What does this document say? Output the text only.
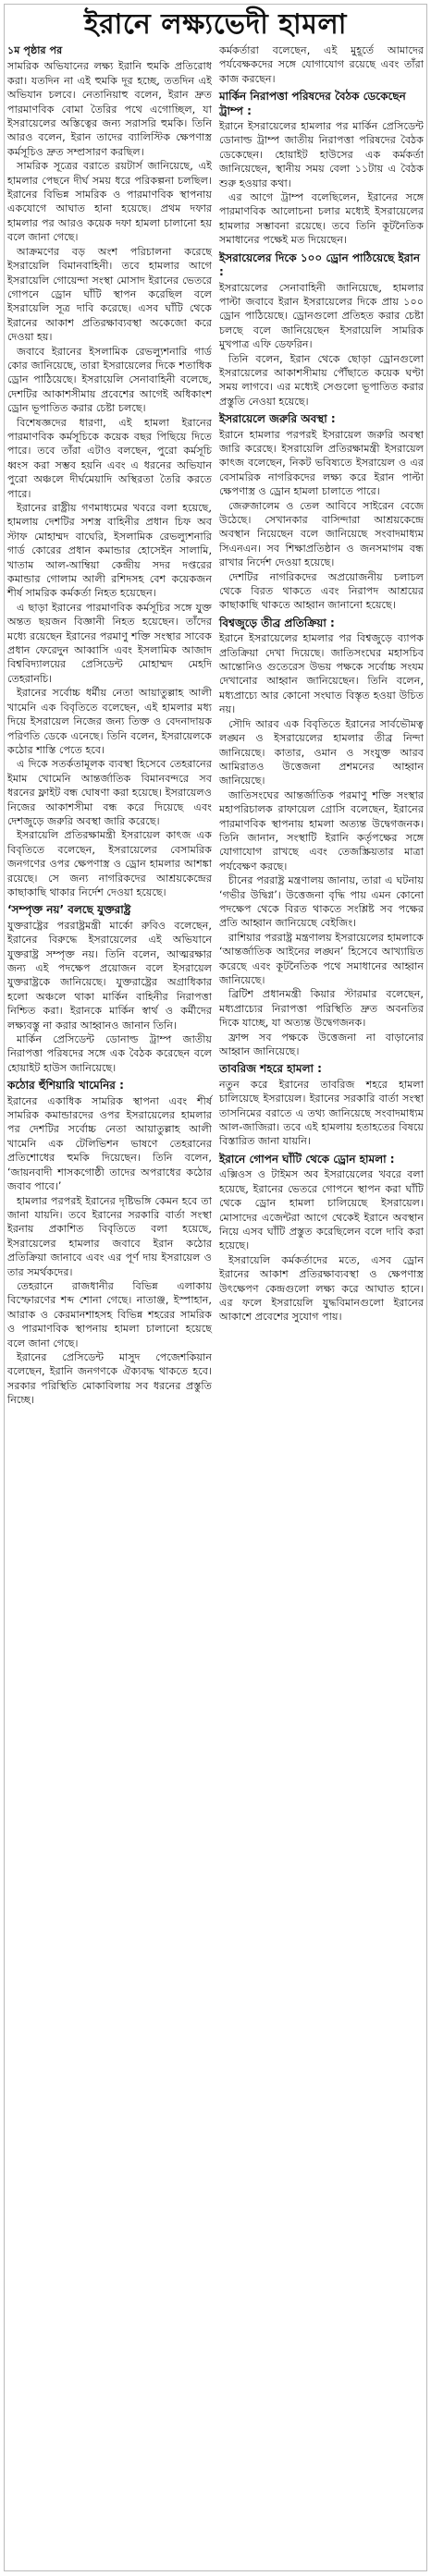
ইরানে লক্ষ্যভেদী হামলা
১ম পৃষ্ঠার পর

সামরিক অভিযানের লক্ষ্য ইরানি হুমকি প্রতিরোধ করা। যতদিন না এই হুমকি দূর হচ্ছে, ততদিন এই অভিযান চলবে। নেতানিয়াহু বলেন, ইরান দ্রুত পারমাণবিক বোমা তৈরির পথে এগোচ্ছিল, যা ইসরায়েলের অস্তিত্বের জন্য সরাসরি হুমকি। তিনি আরও বলেন, ইরান তাদের ব্যালিস্টিক ক্ষেপণাস্ত্র কর্মসূচিও দ্রুত সম্প্রসারণ করছিল।

সামরিক সূত্রের বরাতে রয়টার্স জানিয়েছে, এই হামলার পেছনে দীর্ঘ সময় ধরে পরিকল্পনা চলছিল। ইরানের বিভিন্ন সামরিক ও পারমাণবিক স্থাপনায় একযোগে আঘাত হানা হয়েছে। প্রথম দফার হামলার পর আরও কয়েক দফা হামলা চালানো হয় বলে জানা গেছে।

আক্রমণের বড় অংশ পরিচালনা করেছে ইসরায়েলি বিমানবাহিনী। তবে হামলার আগে ইসরায়েলি গোয়েন্দা সংস্থা মোসাদ ইরানের ভেতরে গোপনে ড্রোন ঘাঁটি স্থাপন করেছিল বলে ইসরায়েলি সূত্র দাবি করেছে। এসব ঘাঁটি থেকে ইরানের আকাশ প্রতিরক্ষাব্যবস্থা অকেজো করে দেওয়া হয়।

জবাবে ইরানের ইসলামিক রেভল্যুশনারি গার্ড কোর জানিয়েছে, তারা ইসরায়েলের দিকে শতাধিক ড্রোন পাঠিয়েছে। ইসরায়েলি সেনাবাহিনী বলেছে, দেশটির আকাশসীমায় প্রবেশের আগেই অধিকাংশ ড্রোন ভূপাতিত করার চেষ্টা চলছে।

বিশেষজ্ঞদের ধারণা, এই হামলা ইরানের পারমাণবিক কর্মসূচিকে কয়েক বছর পিছিয়ে দিতে পারে। তবে তাঁরা এটাও বলছেন, পুরো কর্মসূচি ধ্বংস করা সম্ভব হয়নি এবং এ ধরনের অভিযান পুরো অঞ্চলে দীর্ঘমেয়াদি অস্থিরতা তৈরি করতে পারে।

ইরানের রাষ্ট্রীয় গণমাধ্যমের খবরে বলা হয়েছে, হামলায় দেশটির সশস্ত্র বাহিনীর প্রধান চিফ অব স্টাফ মোহাম্মদ বাঘেরি, ইসলামিক রেভল্যুশনারি গার্ড কোরের প্রধান কমান্ডার হোসেইন সালামি, খাতাম আল-আম্বিয়া কেন্দ্রীয় সদর দপ্তরের কমান্ডার গোলাম আলী রশিদসহ বেশ কয়েকজন শীর্ষ সামরিক কর্মকর্তা নিহত হয়েছেন।

এ ছাড়া ইরানের পারমাণবিক কর্মসূচির সঙ্গে যুক্ত অন্তত ছয়জন বিজ্ঞানী নিহত হয়েছেন। তাঁদের মধ্যে রয়েছেন ইরানের পরমাণু শক্তি সংস্থার সাবেক প্রধান ফেরেদুন আব্বাসি এবং ইসলামিক আজাদ বিশ্ববিদ্যালয়ের প্রেসিডেন্ট মোহাম্মদ মেহদি তেহরানচি।

ইরানের সর্বোচ্চ ধর্মীয় নেতা আয়াতুল্লাহ আলী খামেনি এক বিবৃতিতে বলেছেন, এই হামলার মধ্য দিয়ে ইসরায়েল নিজের জন্য তিক্ত ও বেদনাদায়ক পরিণতি ডেকে এনেছে। তিনি বলেন, ইসরায়েলকে কঠোর শাস্তি পেতে হবে।

এ দিকে সতর্কতামূলক ব্যবস্থা হিসেবে তেহরানের ইমাম খোমেনি আন্তর্জাতিক বিমানবন্দরে সব ধরনের ফ্লাইট বন্ধ ঘোষণা করা হয়েছে। ইসরায়েলও নিজের আকাশসীমা বন্ধ করে দিয়েছে এবং দেশজুড়ে জরুরি অবস্থা জারি করেছে।

ইসরায়েলি প্রতিরক্ষামন্ত্রী ইসরায়েল কাৎজ এক বিবৃতিতে বলেছেন, ইসরায়েলের বেসামরিক জনগণের ওপর ক্ষেপণাস্ত্র ও ড্রোন হামলার আশঙ্কা রয়েছে। সে জন্য নাগরিকদের আশ্রয়কেন্দ্রের কাছাকাছি থাকার নির্দেশ দেওয়া হয়েছে।

‘সম্পৃক্ত নয়’ বলছে যুক্তরাষ্ট্র

যুক্তরাষ্ট্রের পররাষ্ট্রমন্ত্রী মার্কো রুবিও বলেছেন, ইরানের বিরুদ্ধে ইসরায়েলের এই অভিযানে যুক্তরাষ্ট্র সম্পৃক্ত নয়। তিনি বলেন, আত্মরক্ষার জন্য এই পদক্ষেপ প্রয়োজন বলে ইসরায়েল যুক্তরাষ্ট্রকে জানিয়েছে। যুক্তরাষ্ট্রের অগ্রাধিকার হলো অঞ্চলে থাকা মার্কিন বাহিনীর নিরাপত্তা নিশ্চিত করা। ইরানকে মার্কিন স্বার্থ ও কর্মীদের লক্ষ্যবস্তু না করার আহ্বানও জানান তিনি।

মার্কিন প্রেসিডেন্ট ডোনাল্ড ট্রাম্প জাতীয় নিরাপত্তা পরিষদের সঙ্গে এক বৈঠক করেছেন বলে হোয়াইট হাউস জানিয়েছে।

কঠোর হুঁশিয়ারি খামেনির :

ইরানের একাধিক সামরিক স্থাপনা এবং শীর্ষ সামরিক কমান্ডারদের ওপর ইসরায়েলের হামলার পর দেশটির সর্বোচ্চ নেতা আয়াতুল্লাহ আলী খামেনি এক টেলিভিশন ভাষণে তেহরানের প্রতিশোধের হুমকি দিয়েছেন। তিনি বলেন, ‘জায়নবাদী শাসকগোষ্ঠী তাদের অপরাধের কঠোর জবাব পাবে।’

হামলার পরপরই ইরানের দৃষ্টিভঙ্গি কেমন হবে তা জানা যায়নি। তবে ইরানের সরকারি বার্তা সংস্থা ইরনায় প্রকাশিত বিবৃতিতে বলা হয়েছে, ইসরায়েলের হামলার জবাবে ইরান কঠোর প্রতিক্রিয়া জানাবে এবং এর পূর্ণ দায় ইসরায়েল ও তার সমর্থকদের।

তেহরানে রাজধানীর বিভিন্ন এলাকায় বিস্ফোরণের শব্দ শোনা গেছে। নাতাঞ্জ, ইস্পাহান, আরাক ও কেরমানশাহসহ বিভিন্ন শহরের সামরিক ও পারমাণবিক স্থাপনায় হামলা চালানো হয়েছে বলে জানা গেছে।

ইরানের প্রেসিডেন্ট মাসুদ পেজেশকিয়ান বলেছেন, ইরানি জনগণকে ঐক্যবদ্ধ থাকতে হবে। সরকার পরিস্থিতি মোকাবিলায় সব ধরনের প্রস্তুতি নিচ্ছে।

কর্মকর্তারা বলেছেন, এই মুহূর্তে আমাদের পর্যবেক্ষকদের সঙ্গে যোগাযোগ রয়েছে এবং তাঁরা কাজ করছেন।

মার্কিন নিরাপত্তা পরিষদের বৈঠক ডেকেছেন ট্রাম্প :

ইরানে ইসরায়েলের হামলার পর মার্কিন প্রেসিডেন্ট ডোনাল্ড ট্রাম্প জাতীয় নিরাপত্তা পরিষদের বৈঠক ডেকেছেন। হোয়াইট হাউসের এক কর্মকর্তা জানিয়েছেন, স্থানীয় সময় বেলা ১১টায় এ বৈঠক শুরু হওয়ার কথা।

এর আগে ট্রাম্প বলেছিলেন, ইরানের সঙ্গে পারমাণবিক আলোচনা চলার মধ্যেই ইসরায়েলের হামলার সম্ভাবনা রয়েছে। তবে তিনি কূটনৈতিক সমাধানের পক্ষেই মত দিয়েছেন।

ইসরায়েলের দিকে ১০০ ড্রোন পাঠিয়েছে ইরান :

ইসরায়েলের সেনাবাহিনী জানিয়েছে, হামলার পাল্টা জবাবে ইরান ইসরায়েলের দিকে প্রায় ১০০ ড্রোন পাঠিয়েছে। ড্রোনগুলো প্রতিহত করার চেষ্টা চলছে বলে জানিয়েছেন ইসরায়েলি সামরিক মুখপাত্র এফি ডেফরিন।

তিনি বলেন, ইরান থেকে ছোড়া ড্রোনগুলো ইসরায়েলের আকাশসীমায় পৌঁছাতে কয়েক ঘণ্টা সময় লাগবে। এর মধ্যেই সেগুলো ভূপাতিত করার প্রস্তুতি নেওয়া হয়েছে।

ইসরায়েলে জরুরি অবস্থা :

ইরানে হামলার পরপরই ইসরায়েল জরুরি অবস্থা জারি করেছে। ইসরায়েলি প্রতিরক্ষামন্ত্রী ইসরায়েল কাৎজ বলেছেন, নিকট ভবিষ্যতে ইসরায়েল ও এর বেসামরিক নাগরিকদের লক্ষ্য করে ইরান পাল্টা ক্ষেপণাস্ত্র ও ড্রোন হামলা চালাতে পারে।

জেরুজালেম ও তেল আবিবে সাইরেন বেজে উঠেছে। সেখানকার বাসিন্দারা আশ্রয়কেন্দ্রে অবস্থান নিয়েছেন বলে জানিয়েছে সংবাদমাধ্যম সিএনএন। সব শিক্ষাপ্রতিষ্ঠান ও জনসমাগম বন্ধ রাখার নির্দেশ দেওয়া হয়েছে।

দেশটির নাগরিকদের অপ্রয়োজনীয় চলাচল থেকে বিরত থাকতে এবং নিরাপদ আশ্রয়ের কাছাকাছি থাকতে আহ্বান জানানো হয়েছে।

বিশ্বজুড়ে তীব্র প্রতিক্রিয়া :

ইরানে ইসরায়েলের হামলার পর বিশ্বজুড়ে ব্যাপক প্রতিক্রিয়া দেখা দিয়েছে। জাতিসংঘের মহাসচিব আন্তোনিও গুতেরেস উভয় পক্ষকে সর্বোচ্চ সংযম দেখানোর আহ্বান জানিয়েছেন। তিনি বলেন, মধ্যপ্রাচ্যে আর কোনো সংঘাত বিস্তৃত হওয়া উচিত নয়।

সৌদি আরব এক বিবৃতিতে ইরানের সার্বভৌমত্ব লঙ্ঘন ও ইসরায়েলের হামলার তীব্র নিন্দা জানিয়েছে। কাতার, ওমান ও সংযুক্ত আরব আমিরাতও উত্তেজনা প্রশমনের আহ্বান জানিয়েছে।

জাতিসংঘের আন্তর্জাতিক পরমাণু শক্তি সংস্থার মহাপরিচালক রাফায়েল গ্রোসি বলেছেন, ইরানের পারমাণবিক স্থাপনায় হামলা অত্যন্ত উদ্বেগজনক। তিনি জানান, সংস্থাটি ইরানি কর্তৃপক্ষের সঙ্গে যোগাযোগ রাখছে এবং তেজস্ক্রিয়তার মাত্রা পর্যবেক্ষণ করছে।

চীনের পররাষ্ট্র মন্ত্রণালয় জানায়, তারা এ ঘটনায় ‘গভীর উদ্বিগ্ন’। উত্তেজনা বৃদ্ধি পায় এমন কোনো পদক্ষেপ থেকে বিরত থাকতে সংশ্লিষ্ট সব পক্ষের প্রতি আহ্বান জানিয়েছে বেইজিং।

রাশিয়ার পররাষ্ট্র মন্ত্রণালয় ইসরায়েলের হামলাকে ‘আন্তর্জাতিক আইনের লঙ্ঘন’ হিসেবে আখ্যায়িত করেছে এবং কূটনৈতিক পথে সমাধানের আহ্বান জানিয়েছে।

ব্রিটিশ প্রধানমন্ত্রী কিয়ার স্টারমার বলেছেন, মধ্যপ্রাচ্যের নিরাপত্তা পরিস্থিতি দ্রুত অবনতির দিকে যাচ্ছে, যা অত্যন্ত উদ্বেগজনক।

ফ্রান্স সব পক্ষকে উত্তেজনা না বাড়ানোর আহ্বান জানিয়েছে।

তাবরিজ শহরে হামলা :

নতুন করে ইরানের তাবরিজ শহরে হামলা চালিয়েছে ইসরায়েল। ইরানের সরকারি বার্তা সংস্থা তাসনিমের বরাতে এ তথ্য জানিয়েছে সংবাদমাধ্যম আল-জাজিরা। তবে এই হামলায় হতাহতের বিষয়ে বিস্তারিত জানা যায়নি।

ইরানে গোপন ঘাঁটি থেকে ড্রোন হামলা :

এক্সিওস ও টাইমস অব ইসরায়েলের খবরে বলা হয়েছে, ইরানের ভেতরে গোপনে স্থাপন করা ঘাঁটি থেকে ড্রোন হামলা চালিয়েছে ইসরায়েল। মোসাদের এজেন্টরা আগে থেকেই ইরানে অবস্থান নিয়ে এসব ঘাঁটি প্রস্তুত করেছিলেন বলে দাবি করা হয়েছে।

ইসরায়েলি কর্মকর্তাদের মতে, এসব ড্রোন ইরানের আকাশ প্রতিরক্ষাব্যবস্থা ও ক্ষেপণাস্ত্র উৎক্ষেপণ কেন্দ্রগুলো লক্ষ্য করে আঘাত হানে। এর ফলে ইসরায়েলি যুদ্ধবিমানগুলো ইরানের আকাশে প্রবেশের সুযোগ পায়।
